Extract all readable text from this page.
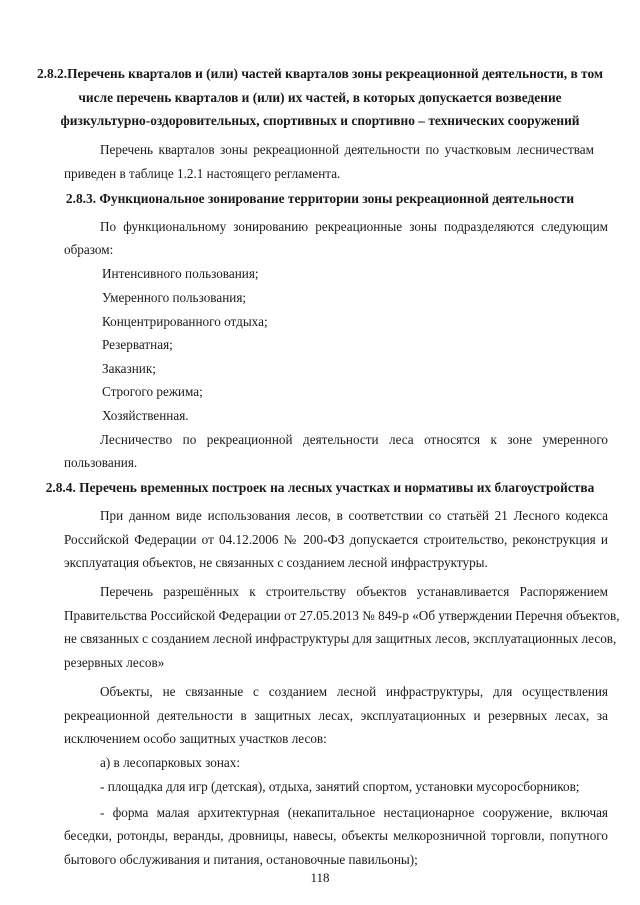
2.8.2.Перечень кварталов и (или) частей кварталов зоны рекреационной деятельности, в том
числе перечень кварталов и (или) их частей, в которых допускается возведение
физкультурно-оздоровительных, спортивных и спортивно – технических сооружений
Перечень кварталов зоны рекреационной деятельности по участковым лесничествам
приведен в таблице 1.2.1 настоящего регламента.
2.8.3. Функциональное зонирование территории зоны рекреационной деятельности
По функциональному зонированию рекреационные зоны подразделяются следующим
образом:
Интенсивного пользования;
Умеренного пользования;
Концентрированного отдыха;
Резерватная;
Заказник;
Строгого режима;
Хозяйственная.
Лесничество по рекреационной деятельности леса относятся к зоне умеренного
пользования.
2.8.4. Перечень временных построек на лесных участках и нормативы их благоустройства
При данном виде использования лесов, в соответствии со статьёй 21 Лесного кодекса
Российской Федерации от 04.12.2006 № 200-ФЗ допускается строительство, реконструкция и
эксплуатация объектов, не связанных с созданием лесной инфраструктуры.
Перечень разрешённых к строительству объектов устанавливается Распоряжением
Правительства Российской Федерации от 27.05.2013 № 849-р «Об утверждении Перечня объектов,
не связанных с созданием лесной инфраструктуры для защитных лесов, эксплуатационных лесов,
резервных лесов»
Объекты, не связанные с созданием лесной инфраструктуры, для осуществления
рекреационной деятельности в защитных лесах, эксплуатационных и резервных лесах, за
исключением особо защитных участков лесов:
а) в лесопарковых зонах:
- площадка для игр (детская), отдыха, занятий спортом, установки мусоросборников;
- форма малая архитектурная (некапитальное нестационарное сооружение, включая
беседки, ротонды, веранды, дровницы, навесы, объекты мелкорозничной торговли, попутного
бытового обслуживания и питания, остановочные павильоны);
118
